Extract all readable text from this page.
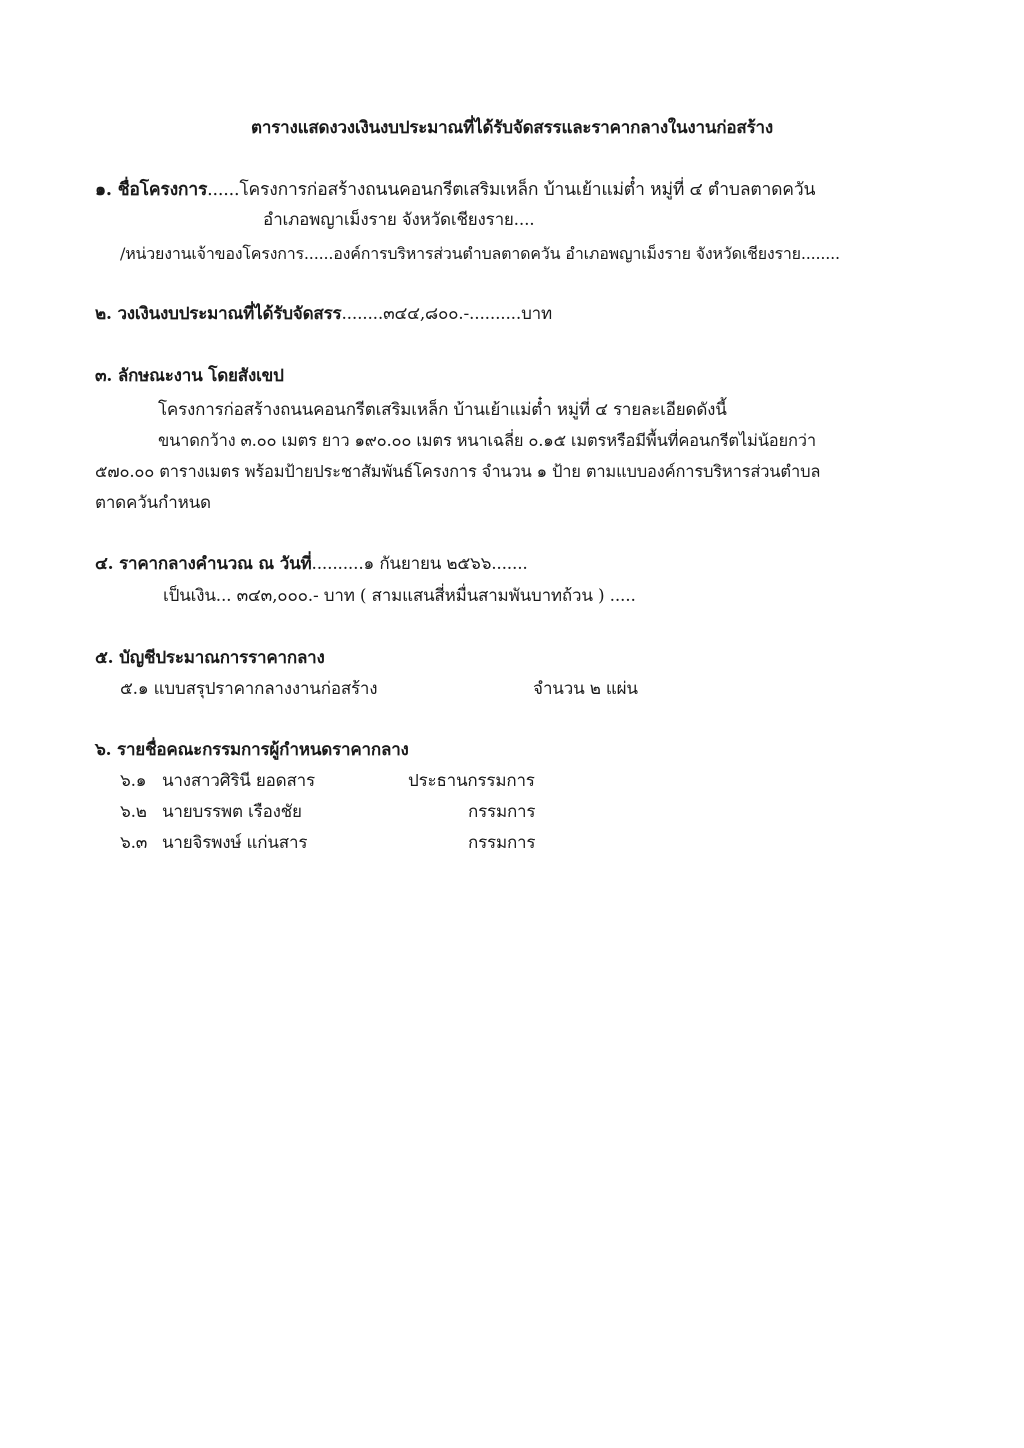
ตารางแสดงวงเงินงบประมาณที่ได้รับจัดสรรและราคากลางในงานก่อสร้าง
๑. ชื่อโครงการ......โครงการก่อสร้างถนนคอนกรีตเสริมเหล็ก บ้านเย้าแม่ต๋ำ หมู่ที่ ๔ ตำบลตาดควัน
อำเภอพญาเม็งราย จังหวัดเชียงราย....
/หน่วยงานเจ้าของโครงการ......องค์การบริหารส่วนตำบลตาดควัน อำเภอพญาเม็งราย จังหวัดเชียงราย........
๒. วงเงินงบประมาณที่ได้รับจัดสรร........๓๔๔,๘๐๐.-..........บาท
๓. ลักษณะงาน โดยสังเขป
โครงการก่อสร้างถนนคอนกรีตเสริมเหล็ก บ้านเย้าแม่ต๋ำ หมู่ที่ ๔ รายละเอียดดังนี้
ขนาดกว้าง ๓.๐๐ เมตร ยาว ๑๙๐.๐๐ เมตร หนาเฉลี่ย ๐.๑๕ เมตรหรือมีพื้นที่คอนกรีตไม่น้อยกว่า
๕๗๐.๐๐ ตารางเมตร พร้อมป้ายประชาสัมพันธ์โครงการ จำนวน ๑ ป้าย ตามแบบองค์การบริหารส่วนตำบล
ตาดควันกำหนด
๔. ราคากลางคำนวณ ณ วันที่..........๑ กันยายน ๒๕๖๖.......
เป็นเงิน... ๓๔๓,๐๐๐.- บาท ( สามแสนสี่หมื่นสามพันบาทถ้วน ) .....
๕. บัญชีประมาณการราคากลาง
๕.๑ แบบสรุปราคากลางงานก่อสร้าง	จำนวน ๒ แผ่น
๖. รายชื่อคณะกรรมการผู้กำหนดราคากลาง
๖.๑ นางสาวศิรินี ยอดสาร	ประธานกรรมการ
๖.๒ นายบรรพต เรืองชัย	กรรมการ
๖.๓ นายจิรพงษ์ แก่นสาร	กรรมการ
